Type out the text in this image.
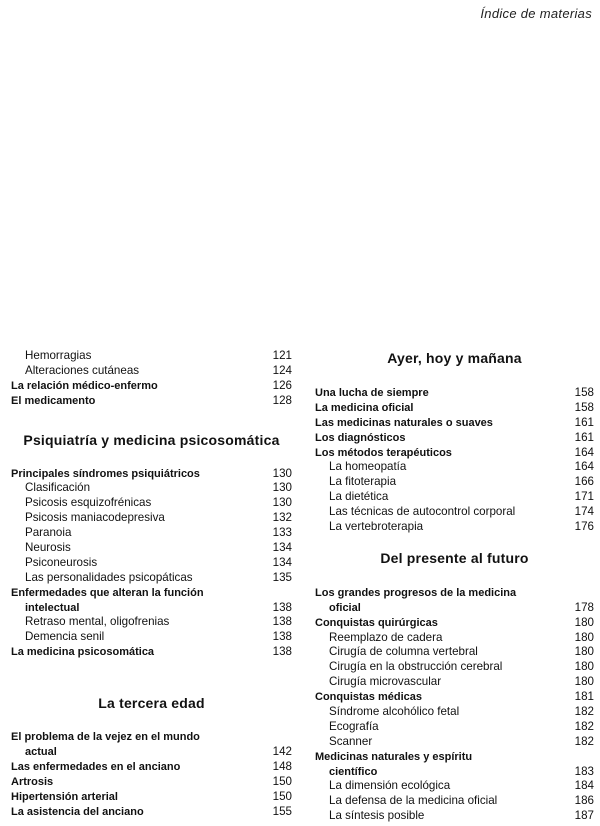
Índice de materias
Hemorragias	121
Alteraciones cutáneas	124
La relación médico-enfermo	126
El medicamento	128
Psiquiatría y medicina psicosomática
Principales síndromes psiquiátricos	130
Clasificación	130
Psicosis esquizofrénicas	130
Psicosis maniacodepresiva	132
Paranoia	133
Neurosis	134
Psiconeurosis	134
Las personalidades psicopáticas	135
Enfermedades que alteran la función
intelectual	138
Retraso mental, oligofrenias	138
Demencia senil	138
La medicina psicosomática	138
La tercera edad
El problema de la vejez en el mundo
actual	142
Las enfermedades en el anciano	148
Artrosis	150
Hipertensión arterial	150
La asistencia del anciano	155
Ayer, hoy y mañana
Una lucha de siempre	158
La medicina oficial	158
Las medicinas naturales o suaves	161
Los diagnósticos	161
Los métodos terapéuticos	164
La homeopatía	164
La fitoterapia	166
La dietética	171
Las técnicas de autocontrol corporal	174
La vertebroterapia	176
Del presente al futuro
Los grandes progresos de la medicina
oficial	178
Conquistas quirúrgicas	180
Reemplazo de cadera	180
Cirugía de columna vertebral	180
Cirugía en la obstrucción cerebral	180
Cirugía microvascular	180
Conquistas médicas	181
Síndrome alcohólico fetal	182
Ecografía	182
Scanner	182
Medicinas naturales y espíritu
científico	183
La dimensión ecológica	184
La defensa de la medicina oficial	186
La síntesis posible	187
